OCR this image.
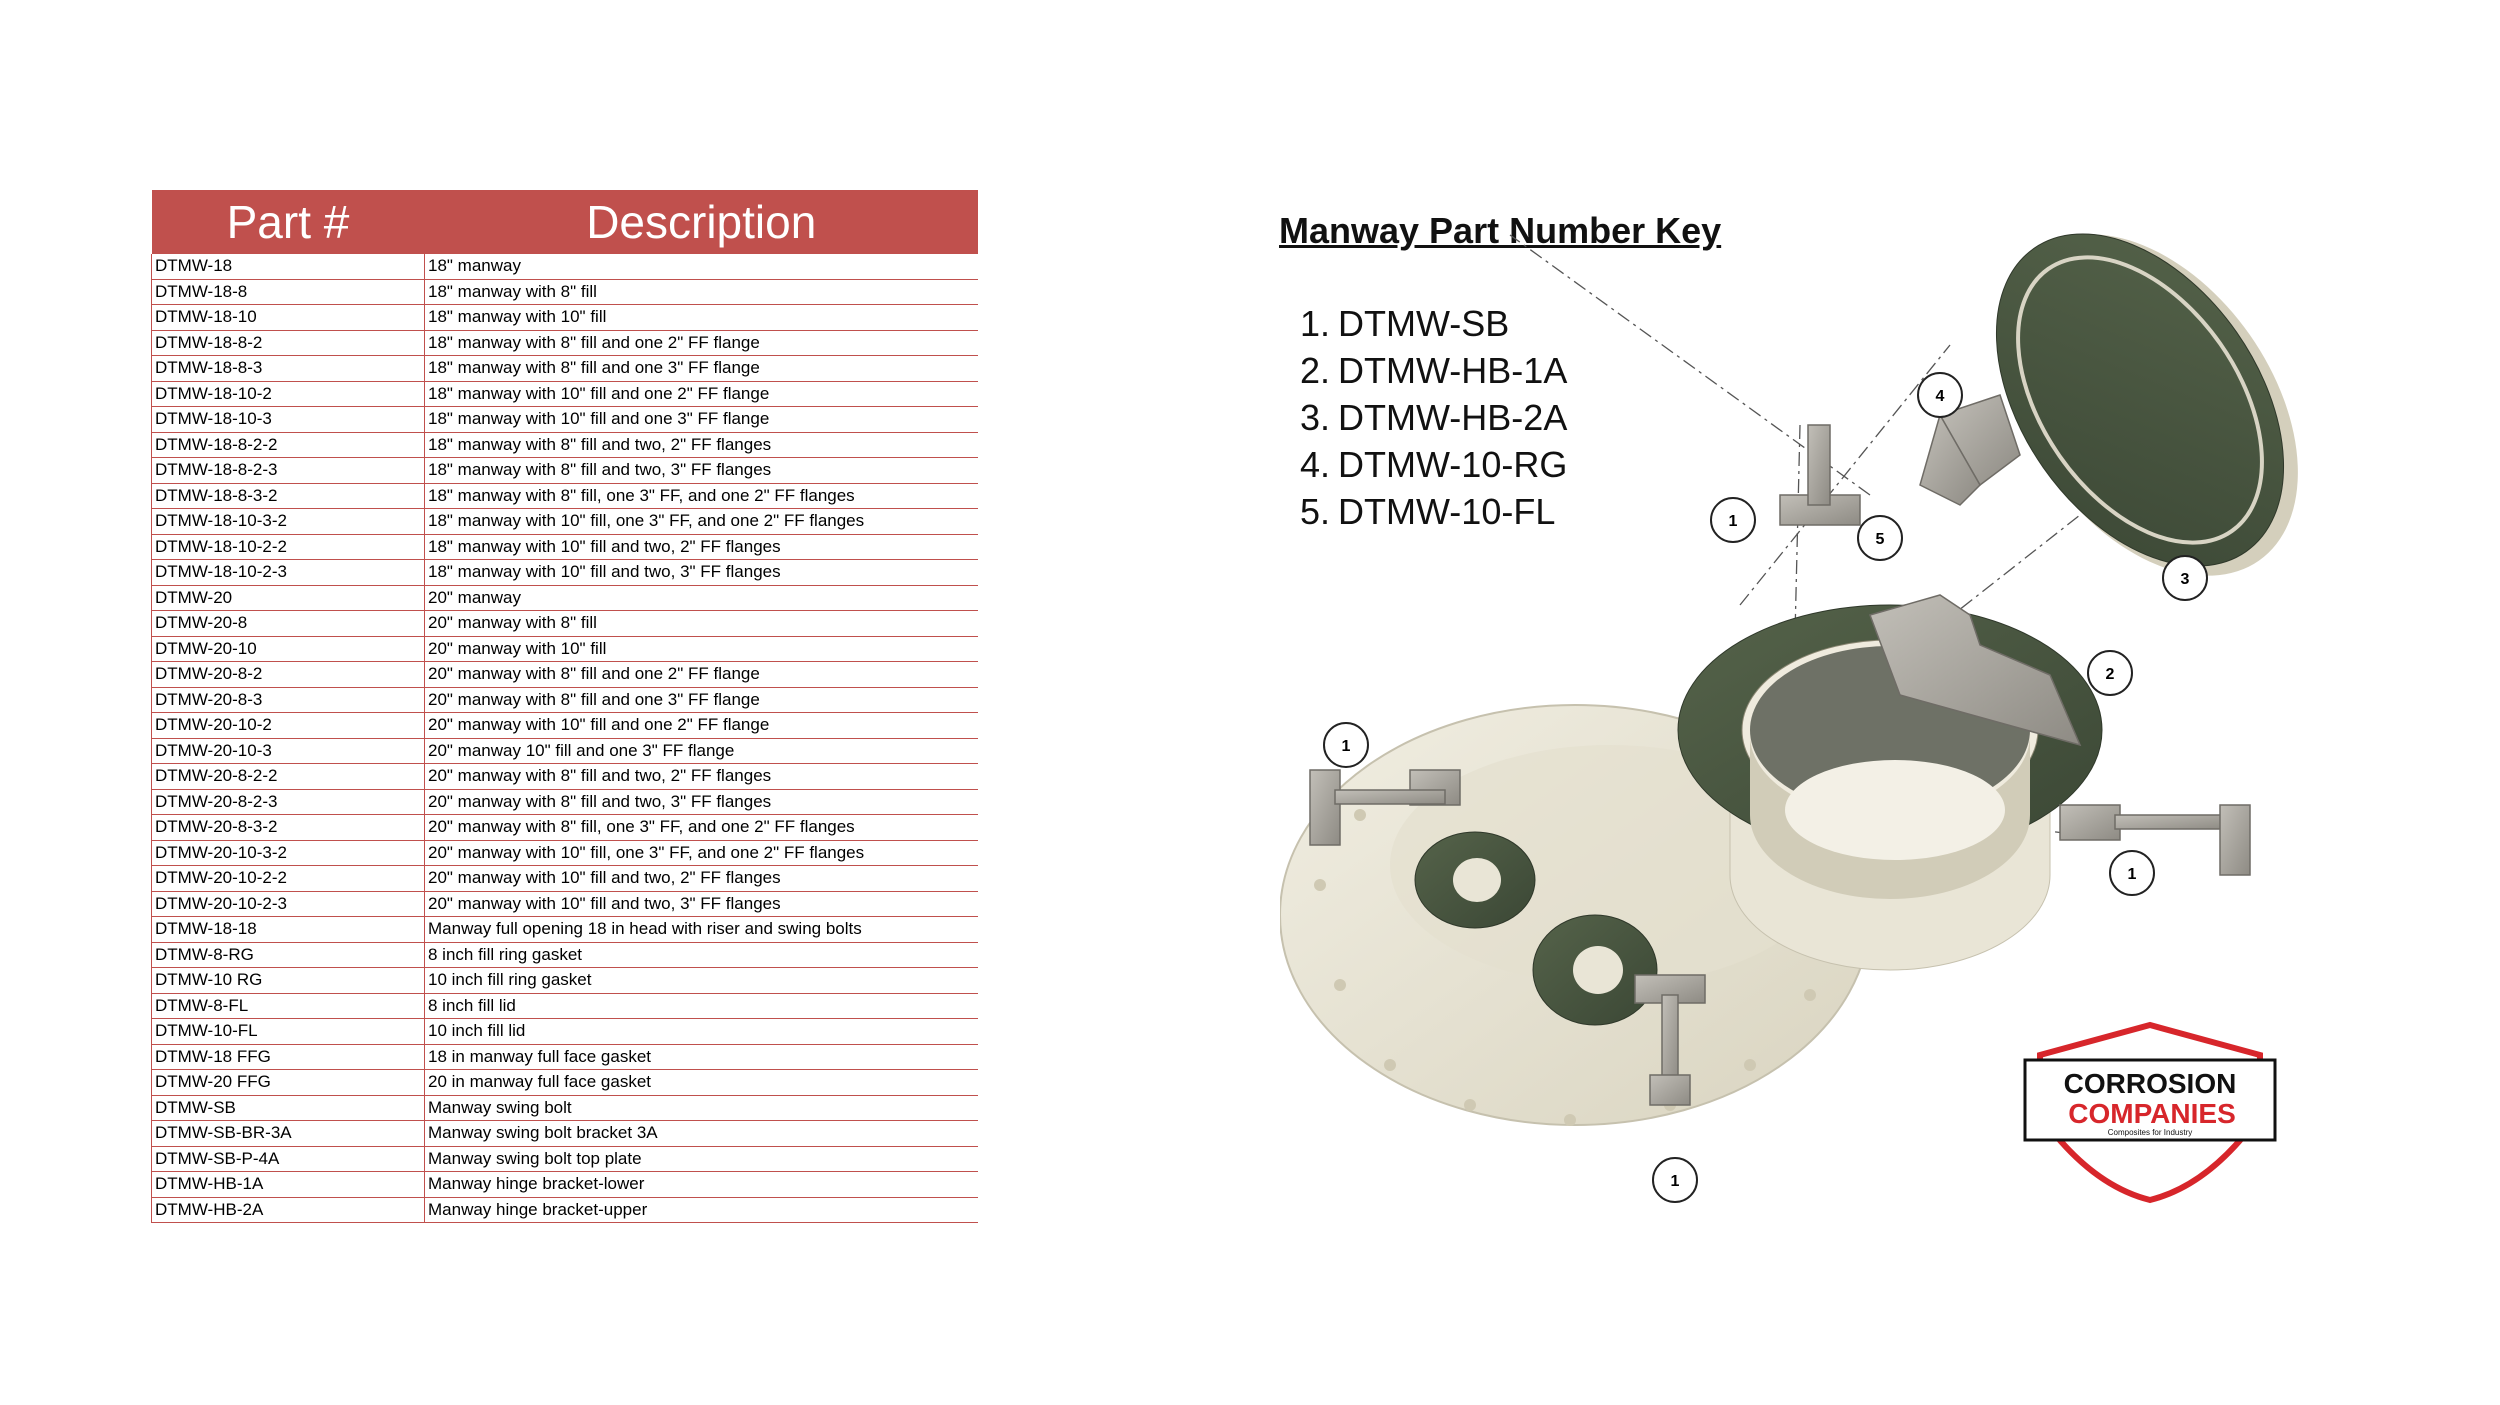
Part #	Description
DTMW-18	18" manway
DTMW-18-8	18" manway with 8" fill
DTMW-18-10	18" manway with 10" fill
DTMW-18-8-2	18" manway with 8" fill and one 2" FF flange
DTMW-18-8-3	18" manway with 8" fill and one 3" FF flange
DTMW-18-10-2	18" manway with 10" fill and one 2" FF flange
DTMW-18-10-3	18" manway with 10" fill and one 3" FF flange
DTMW-18-8-2-2	18" manway with 8" fill and two, 2" FF flanges
DTMW-18-8-2-3	18" manway with 8" fill and two, 3" FF flanges
DTMW-18-8-3-2	18" manway with 8" fill, one 3" FF, and one 2" FF flanges
DTMW-18-10-3-2	18" manway with 10" fill, one 3" FF, and one 2" FF flanges
DTMW-18-10-2-2	18" manway with 10" fill and two, 2" FF flanges
DTMW-18-10-2-3	18" manway with 10" fill and two, 3" FF flanges
DTMW-20	20" manway
DTMW-20-8	20" manway with 8" fill
DTMW-20-10	20" manway with 10" fill
DTMW-20-8-2	20" manway with 8" fill and one 2" FF flange
DTMW-20-8-3	20" manway with 8" fill and one 3" FF flange
DTMW-20-10-2	20" manway with 10" fill and one 2" FF flange
DTMW-20-10-3	20" manway 10" fill and one 3" FF flange
DTMW-20-8-2-2	20" manway with 8" fill and two, 2" FF flanges
DTMW-20-8-2-3	20" manway with 8" fill and two, 3" FF flanges
DTMW-20-8-3-2	20" manway with 8" fill, one 3" FF, and one 2" FF flanges
DTMW-20-10-3-2	20" manway with 10" fill, one 3" FF, and one 2" FF flanges
DTMW-20-10-2-2	20" manway with 10" fill and two, 2" FF flanges
DTMW-20-10-2-3	20" manway with 10" fill and two, 3" FF flanges
DTMW-18-18	Manway full opening 18 in head with riser and swing bolts
DTMW-8-RG	8 inch fill ring gasket
DTMW-10 RG	10 inch fill ring gasket
DTMW-8-FL	8 inch fill lid
DTMW-10-FL	10 inch fill lid
DTMW-18 FFG	18 in manway full face gasket
DTMW-20 FFG	20 in manway full face gasket
DTMW-SB	Manway swing bolt
DTMW-SB-BR-3A	Manway swing bolt bracket 3A
DTMW-SB-P-4A	Manway swing bolt top plate
DTMW-HB-1A	Manway hinge bracket-lower
DTMW-HB-2A	Manway hinge bracket-upper
Manway Part Number Key
1. DTMW-SB
2. DTMW-HB-1A
3. DTMW-HB-2A
4. DTMW-10-RG
5. DTMW-10-FL	1
1
1
1
2
3
4
5
CORROSION
COMPANIES
Composites for Industry
